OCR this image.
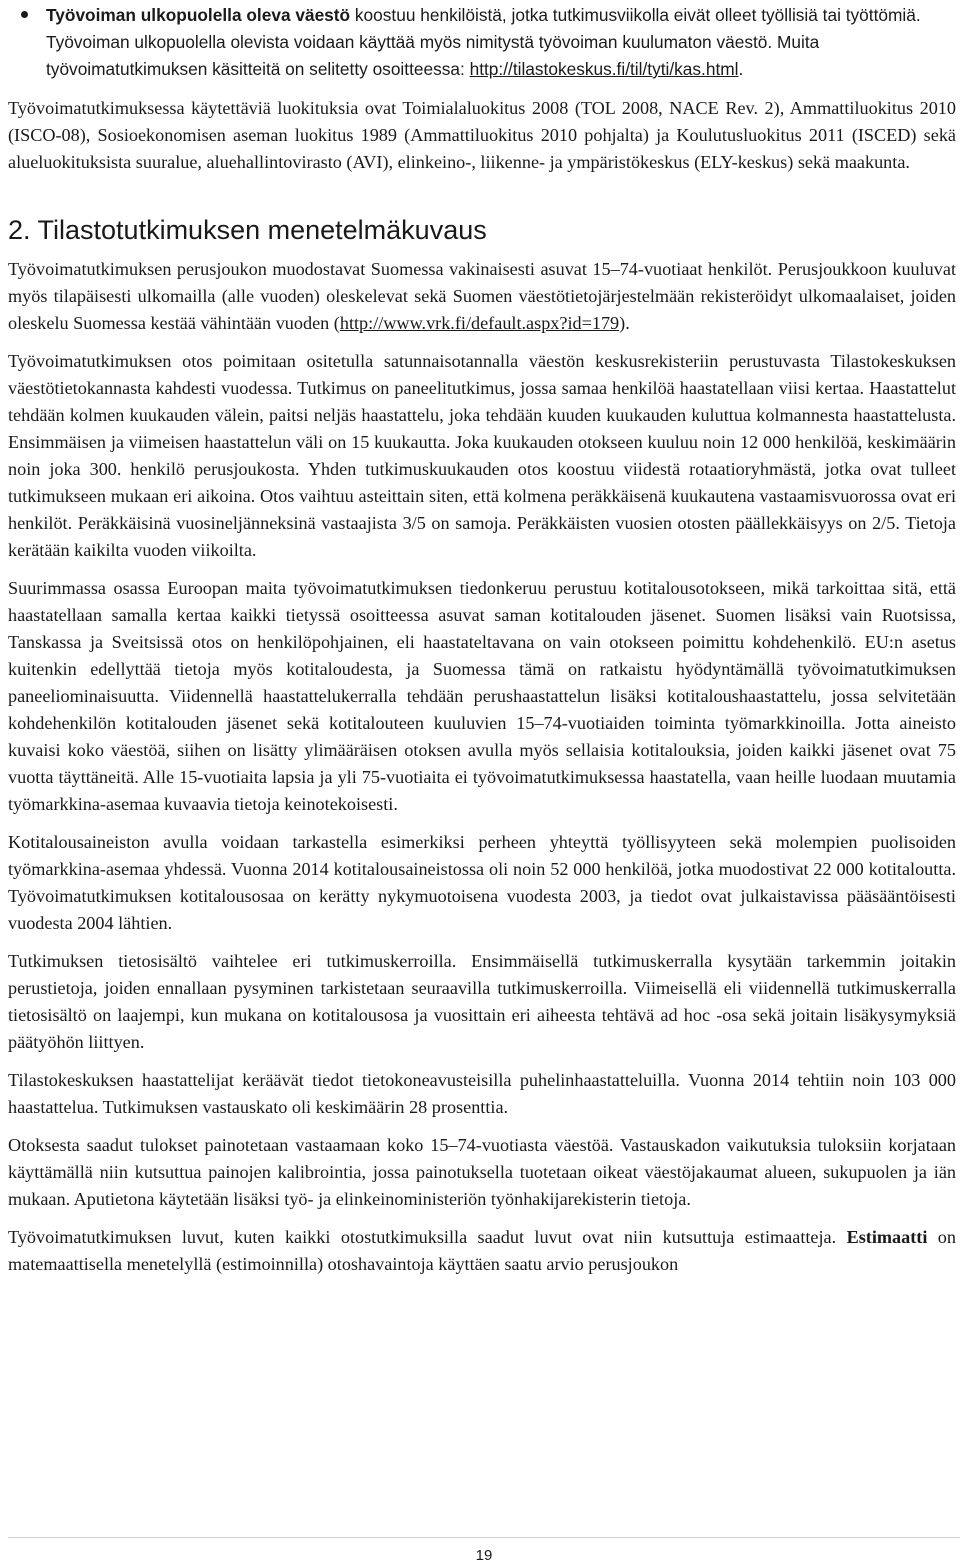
Työvoiman ulkopuolella oleva väestö koostuu henkilöistä, jotka tutkimusviikolla eivät olleet työllisiä tai työttömiä. Työvoiman ulkopuolella olevista voidaan käyttää myös nimitystä työvoiman kuulumaton väestö. Muita työvoimatutkimuksen käsitteitä on selitetty osoitteessa: http://tilastokeskus.fi/til/tyti/kas.html.

Työvoimatutkimuksessa käytettäviä luokituksia ovat Toimialaluokitus 2008 (TOL 2008, NACE Rev. 2), Ammattiluokitus 2010 (ISCO-08), Sosioekonomisen aseman luokitus 1989 (Ammattiluokitus 2010 pohjalta) ja Koulutusluokitus 2011 (ISCED) sekä alueluokituksista suuralue, aluehallintovirasto (AVI), elinkeino-, liikenne- ja ympäristökeskus (ELY-keskus) sekä maakunta.

2. Tilastotutkimuksen menetelmäkuvaus

Työvoimatutkimuksen perusjoukon muodostavat Suomessa vakinaisesti asuvat 15–74-vuotiaat henkilöt. Perusjoukkoon kuuluvat myös tilapäisesti ulkomailla (alle vuoden) oleskelevat sekä Suomen väestötietojärjestelmään rekisteröidyt ulkomaalaiset, joiden oleskelu Suomessa kestää vähintään vuoden (http://www.vrk.fi/default.aspx?id=179).

Työvoimatutkimuksen otos poimitaan ositetulla satunnaisotannalla väestön keskusrekisteriin perustuvasta Tilastokeskuksen väestötietokannasta kahdesti vuodessa. Tutkimus on paneelitutkimus, jossa samaa henkilöä haastatellaan viisi kertaa. Haastattelut tehdään kolmen kuukauden välein, paitsi neljäs haastattelu, joka tehdään kuuden kuukauden kuluttua kolmannesta haastattelusta. Ensimmäisen ja viimeisen haastattelun väli on 15 kuukautta. Joka kuukauden otokseen kuuluu noin 12 000 henkilöä, keskimäärin noin joka 300. henkilö perusjoukosta. Yhden tutkimuskuukauden otos koostuu viidestä rotaatioryhmästä, jotka ovat tulleet tutkimukseen mukaan eri aikoina. Otos vaihtuu asteittain siten, että kolmena peräkkäisenä kuukautena vastaamisvuorossa ovat eri henkilöt. Peräkkäisinä vuosineljänneksinä vastaajista 3/5 on samoja. Peräkkäisten vuosien otosten päällekkäisyys on 2/5. Tietoja kerätään kaikilta vuoden viikoilta.

Suurimmassa osassa Euroopan maita työvoimatutkimuksen tiedonkeruu perustuu kotitalousotokseen, mikä tarkoittaa sitä, että haastatellaan samalla kertaa kaikki tietyssä osoitteessa asuvat saman kotitalouden jäsenet. Suomen lisäksi vain Ruotsissa, Tanskassa ja Sveitsissä otos on henkilöpohjainen, eli haastateltavana on vain otokseen poimittu kohdehenkilö. EU:n asetus kuitenkin edellyttää tietoja myös kotitaloudesta, ja Suomessa tämä on ratkaistu hyödyntämällä työvoimatutkimuksen paneeliominaisuutta. Viidennellä haastattelukerralla tehdään perushaastattelun lisäksi kotitaloushaastattelu, jossa selvitetään kohdehenkilön kotitalouden jäsenet sekä kotitalouteen kuuluvien 15–74-vuotiaiden toiminta työmarkkinoilla. Jotta aineisto kuvaisi koko väestöä, siihen on lisätty ylimääräisen otoksen avulla myös sellaisia kotitalouksia, joiden kaikki jäsenet ovat 75 vuotta täyttäneitä. Alle 15-vuotiaita lapsia ja yli 75-vuotiaita ei työvoimatutkimuksessa haastatella, vaan heille luodaan muutamia työmarkkina-asemaa kuvaavia tietoja keinotekoisesti.

Kotitalousaineiston avulla voidaan tarkastella esimerkiksi perheen yhteyttä työllisyyteen sekä molempien puolisoiden työmarkkina-asemaa yhdessä. Vuonna 2014 kotitalousaineistossa oli noin 52 000 henkilöä, jotka muodostivat 22 000 kotitaloutta. Työvoimatutkimuksen kotitalousosaa on kerätty nykymuotoisena vuodesta 2003, ja tiedot ovat julkaistavissa pääsääntöisesti vuodesta 2004 lähtien.

Tutkimuksen tietosisältö vaihtelee eri tutkimuskerroilla. Ensimmäisellä tutkimuskerralla kysytään tarkemmin joitakin perustietoja, joiden ennallaan pysyminen tarkistetaan seuraavilla tutkimuskerroilla. Viimeisellä eli viidennellä tutkimuskerralla tietosisältö on laajempi, kun mukana on kotitalousosa ja vuosittain eri aiheesta tehtävä ad hoc -osa sekä joitain lisäkysymyksiä päätyöhön liittyen.

Tilastokeskuksen haastattelijat keräävät tiedot tietokoneavusteisilla puhelinhaastatteluilla. Vuonna 2014 tehtiin noin 103 000 haastattelua. Tutkimuksen vastauskato oli keskimäärin 28 prosenttia.

Otoksesta saadut tulokset painotetaan vastaamaan koko 15–74-vuotiasta väestöä. Vastauskadon vaikutuksia tuloksiin korjataan käyttämällä niin kutsuttua painojen kalibrointia, jossa painotuksella tuotetaan oikeat väestöjakaumat alueen, sukupuolen ja iän mukaan. Aputietona käytetään lisäksi työ- ja elinkeinoministeriön työnhakijarekisterin tietoja.

Työvoimatutkimuksen luvut, kuten kaikki otostutkimuksilla saadut luvut ovat niin kutsuttuja estimaatteja. Estimaatti on matemaattisella menetelyllä (estimoinnilla) otoshavaintoja käyttäen saatu arvio perusjoukon

19
